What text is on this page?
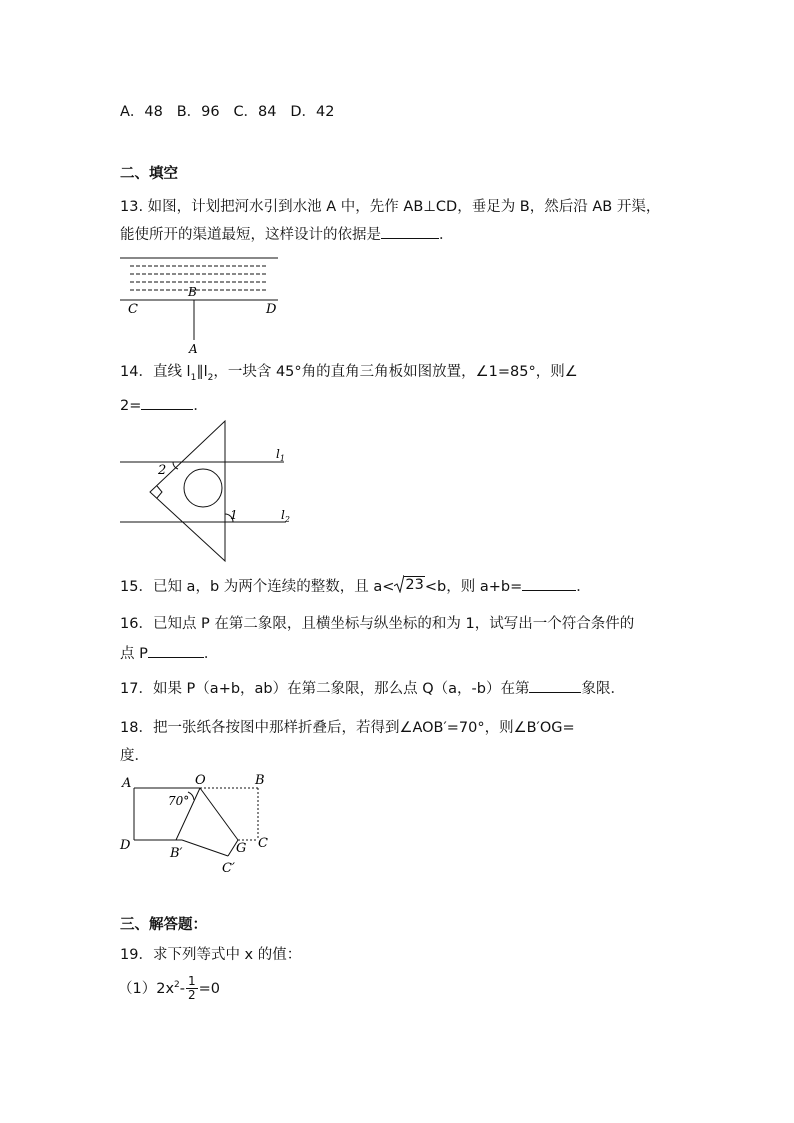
A．48 B．96 C．84 D．42
二、填空
13. 如图，计划把河水引到水池 A 中，先作 AB⊥CD，垂足为 B，然后沿 AB 开渠，
能使所开的渠道最短，这样设计的依据是	．
B
C	D
A
14．直线 $l_1\parallel l_2$，一块含 45°角的直角三角板如图放置，∠1=85°，则∠
2=	．
2
1
$l_1$
$l_2$
15．已知 a，b 为两个连续的整数，且 a< 23 <b，则 a+b=	．
16．已知点 P 在第二象限，且横坐标与纵坐标的和为 1，试写出一个符合条件的
点 P	．
17．如果 P（a+b，ab）在第二象限，那么点 Q（a，-b）在第	象限．
18．把一张纸各按图中那样折叠后，若得到∠AOB′=70°，则∠B′OG=
度．
A	O	B
70°
D
B′	G C
C′
三、解答题：
19．求下列等式中 x 的值：
$(1)2x^2- \frac{1}{2} =0$
